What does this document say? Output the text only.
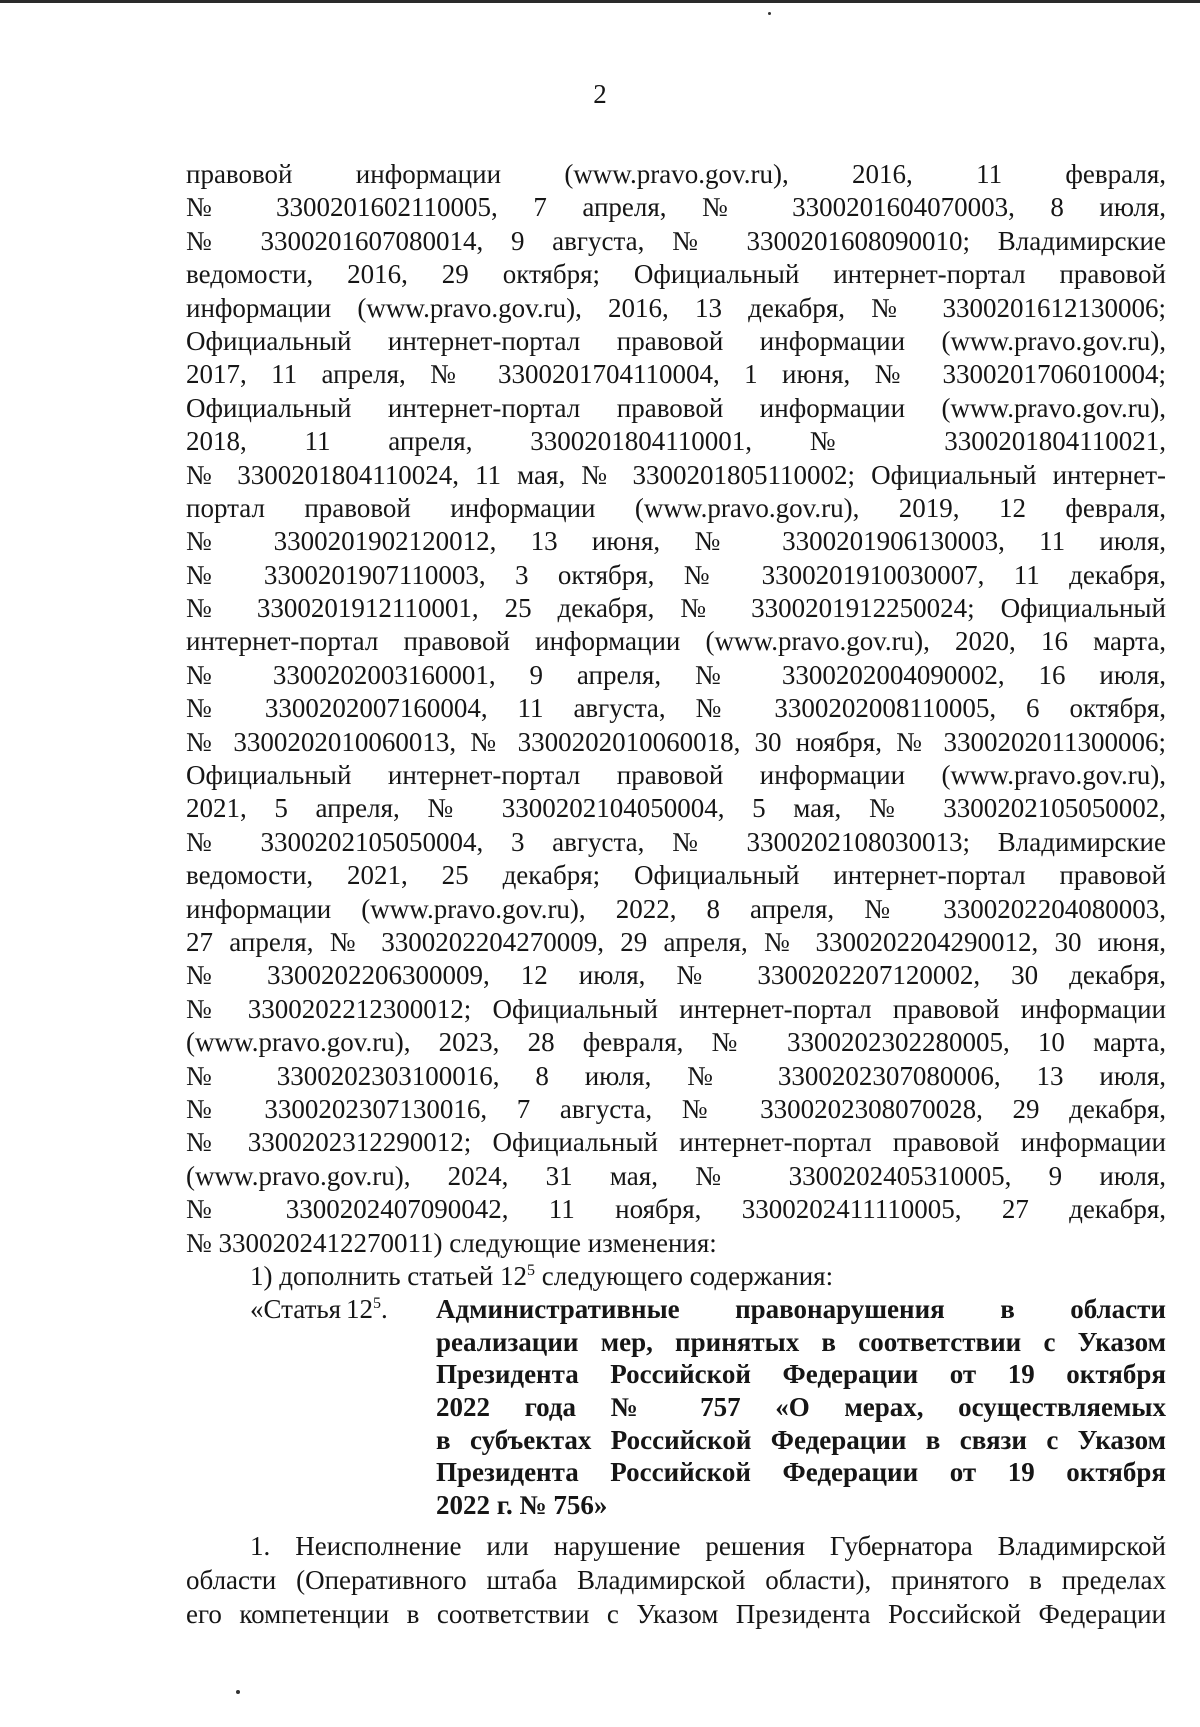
2
правовой информации (www.pravo.gov.ru), 2016, 11 февраля,
№ 3300201602110005, 7 апреля, № 3300201604070003, 8 июля,
№ 3300201607080014, 9 августа, № 3300201608090010; Владимирские
ведомости, 2016, 29 октября; Официальный интернет-портал правовой
информации (www.pravo.gov.ru), 2016, 13 декабря, № 3300201612130006;
Официальный интернет-портал правовой информации (www.pravo.gov.ru),
2017, 11 апреля, № 3300201704110004, 1 июня, № 3300201706010004;
Официальный интернет-портал правовой информации (www.pravo.gov.ru),
2018, 11 апреля, 3300201804110001, № 3300201804110021,
№ 3300201804110024, 11 мая, № 3300201805110002; Официальный интернет-
портал правовой информации (www.pravo.gov.ru), 2019, 12 февраля,
№ 3300201902120012, 13 июня, № 3300201906130003, 11 июля,
№ 3300201907110003, 3 октября, № 3300201910030007, 11 декабря,
№ 3300201912110001, 25 декабря, № 3300201912250024; Официальный
интернет-портал правовой информации (www.pravo.gov.ru), 2020, 16 марта,
№ 3300202003160001, 9 апреля, № 3300202004090002, 16 июля,
№ 3300202007160004, 11 августа, № 3300202008110005, 6 октября,
№ 3300202010060013, № 3300202010060018, 30 ноября, № 3300202011300006;
Официальный интернет-портал правовой информации (www.pravo.gov.ru),
2021, 5 апреля, № 3300202104050004, 5 мая, № 3300202105050002,
№ 3300202105050004, 3 августа, № 3300202108030013; Владимирские
ведомости, 2021, 25 декабря; Официальный интернет-портал правовой
информации (www.pravo.gov.ru), 2022, 8 апреля, № 3300202204080003,
27 апреля, № 3300202204270009, 29 апреля, № 3300202204290012, 30 июня,
№ 3300202206300009, 12 июля, № 3300202207120002, 30 декабря,
№ 3300202212300012; Официальный интернет-портал правовой информации
(www.pravo.gov.ru), 2023, 28 февраля, № 3300202302280005, 10 марта,
№ 3300202303100016, 8 июля, № 3300202307080006, 13 июля,
№ 3300202307130016, 7 августа, № 3300202308070028, 29 декабря,
№ 3300202312290012; Официальный интернет-портал правовой информации
(www.pravo.gov.ru), 2024, 31 мая, № 3300202405310005, 9 июля,
№ 3300202407090042, 11 ноября, 3300202411110005, 27 декабря,
№ 3300202412270011) следующие изменения:
1) дополнить статьей $12^5$ следующего содержания:
«Статья $12^5$.	Административные правонарушения в области
реализации мер, принятых в соответствии с Указом
Президента Российской Федерации от 19 октября
2022 года № 757 «О мерах, осуществляемых
в субъектах Российской Федерации в связи с Указом
Президента Российской Федерации от 19 октября
2022 г. № 756»
1. Неисполнение или нарушение решения Губернатора Владимирской
области (Оперативного штаба Владимирской области), принятого в пределах
его компетенции в соответствии с Указом Президента Российской Федерации
